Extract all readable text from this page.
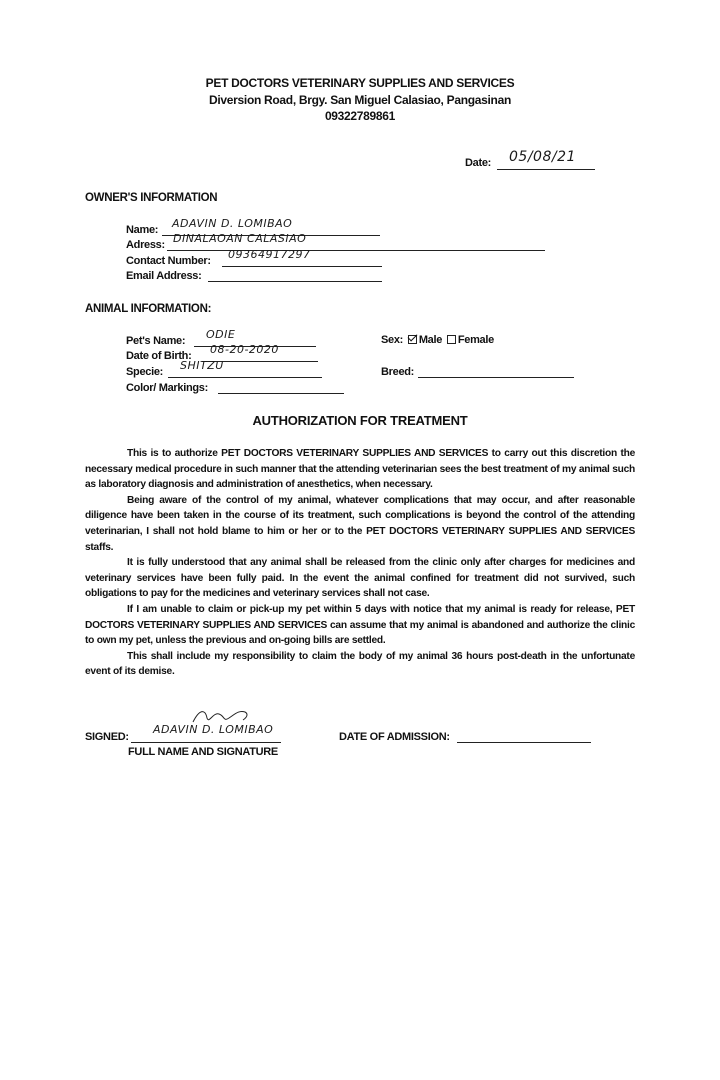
PET DOCTORS VETERINARY SUPPLIES AND SERVICES
Diversion Road, Brgy. San Miguel Calasiao, Pangasinan
09322789861
Date: 05/08/21
OWNER'S INFORMATION
Name: ADAVIN D. LOMIBAO
Adress: DINALAOAN CALASIAO
Contact Number: 09364917297
Email Address:
ANIMAL INFORMATION:
Pet's Name: ODIE
Date of Birth: 08-20-2020
Specie: SHITZU
Color/ Markings:
Sex: Male Female
Breed:
AUTHORIZATION FOR TREATMENT

This is to authorize PET DOCTORS VETERINARY SUPPLIES AND SERVICES to carry out this discretion the necessary medical procedure in such manner that the attending veterinarian sees the best treatment of my animal such as laboratory diagnosis and administration of anesthetics, when necessary.

Being aware of the control of my animal, whatever complications that may occur, and after reasonable diligence have been taken in the course of its treatment, such complications is beyond the control of the attending veterinarian, I shall not hold blame to him or her or to the PET DOCTORS VETERINARY SUPPLIES AND SERVICES staffs.

It is fully understood that any animal shall be released from the clinic only after charges for medicines and veterinary services have been fully paid. In the event the animal confined for treatment did not survived, such obligations to pay for the medicines and veterinary services shall not case.

If I am unable to claim or pick-up my pet within 5 days with notice that my animal is ready for release, PET DOCTORS VETERINARY SUPPLIES AND SERVICES can assume that my animal is abandoned and authorize the clinic to own my pet, unless the previous and on-going bills are settled.

This shall include my responsibility to claim the body of my animal 36 hours post-death in the unfortunate event of its demise.

SIGNED:
ADAVIN D. LOMIBAO
FULL NAME AND SIGNATURE
DATE OF ADMISSION:
